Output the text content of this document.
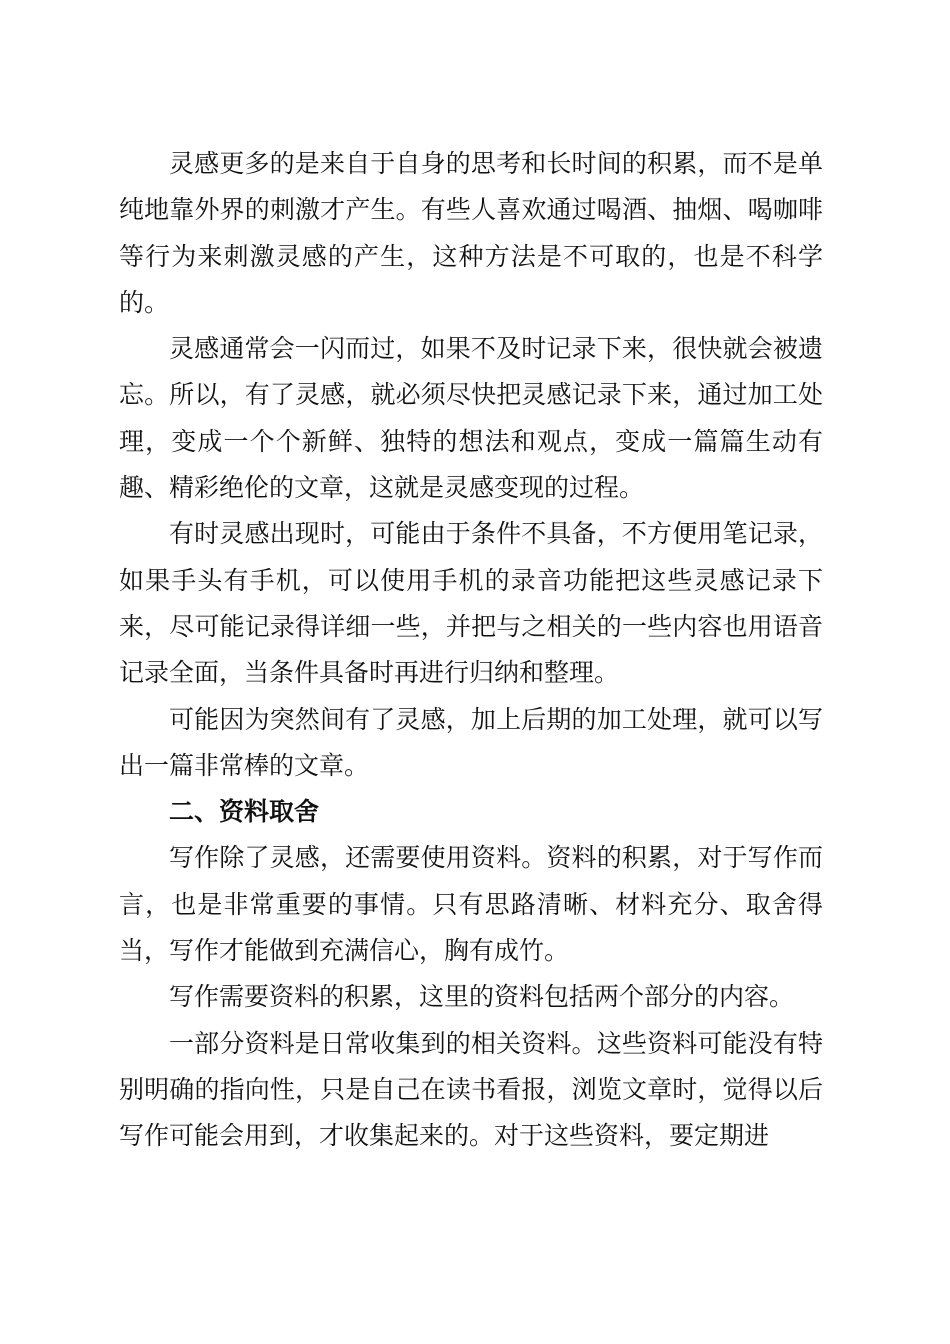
灵感更多的是来自于自身的思考和长时间的积累，而不是单纯地靠外界的刺激才产生。有些人喜欢通过喝酒、抽烟、喝咖啡等行为来刺激灵感的产生，这种方法是不可取的，也是不科学的。

灵感通常会一闪而过，如果不及时记录下来，很快就会被遗忘。所以，有了灵感，就必须尽快把灵感记录下来，通过加工处理，变成一个个新鲜、独特的想法和观点，变成一篇篇生动有趣、精彩绝伦的文章，这就是灵感变现的过程。

有时灵感出现时，可能由于条件不具备，不方便用笔记录，如果手头有手机，可以使用手机的录音功能把这些灵感记录下来，尽可能记录得详细一些，并把与之相关的一些内容也用语音记录全面，当条件具备时再进行归纳和整理。

可能因为突然间有了灵感，加上后期的加工处理，就可以写出一篇非常棒的文章。

二、资料取舍

写作除了灵感，还需要使用资料。资料的积累，对于写作而言，也是非常重要的事情。只有思路清晰、材料充分、取舍得当，写作才能做到充满信心，胸有成竹。

写作需要资料的积累，这里的资料包括两个部分的内容。

一部分资料是日常收集到的相关资料。这些资料可能没有特别明确的指向性，只是自己在读书看报，浏览文章时，觉得以后写作可能会用到，才收集起来的。对于这些资料，要定期进
